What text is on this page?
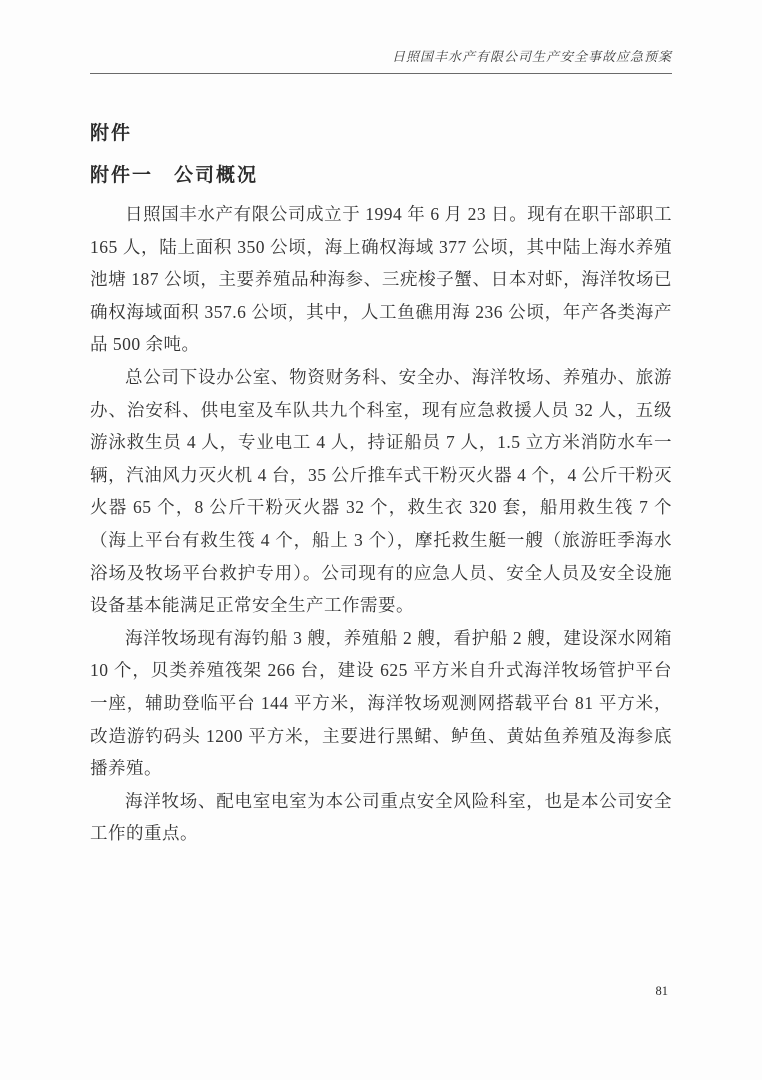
日照国丰水产有限公司生产安全事故应急预案
附件
附件一　公司概况

日照国丰水产有限公司成立于 1994 年 6 月 23 日。现有在职干部职工 165 人，陆上面积 350 公顷，海上确权海域 377 公顷，其中陆上海水养殖池塘 187 公顷，主要养殖品种海参、三疣梭子蟹、日本对虾，海洋牧场已确权海域面积 357.6 公顷，其中，人工鱼礁用海 236 公顷，年产各类海产品 500 余吨。

总公司下设办公室、物资财务科、安全办、海洋牧场、养殖办、旅游办、治安科、供电室及车队共九个科室，现有应急救援人员 32 人，五级游泳救生员 4 人，专业电工 4 人，持证船员 7 人，1.5 立方米消防水车一辆，汽油风力灭火机 4 台，35 公斤推车式干粉灭火器 4 个，4 公斤干粉灭火器 65 个，8 公斤干粉灭火器 32 个，救生衣 320 套，船用救生筏 7 个（海上平台有救生筏 4 个，船上 3 个），摩托救生艇一艘（旅游旺季海水浴场及牧场平台救护专用）。公司现有的应急人员、安全人员及安全设施设备基本能满足正常安全生产工作需要。

海洋牧场现有海钓船 3 艘，养殖船 2 艘，看护船 2 艘，建设深水网箱 10 个，贝类养殖筏架 266 台，建设 625 平方米自升式海洋牧场管护平台一座，辅助登临平台 144 平方米，海洋牧场观测网搭载平台 81 平方米，改造游钓码头 1200 平方米，主要进行黑鲪、鲈鱼、黄姑鱼养殖及海参底播养殖。

海洋牧场、配电室电室为本公司重点安全风险科室，也是本公司安全工作的重点。

81
